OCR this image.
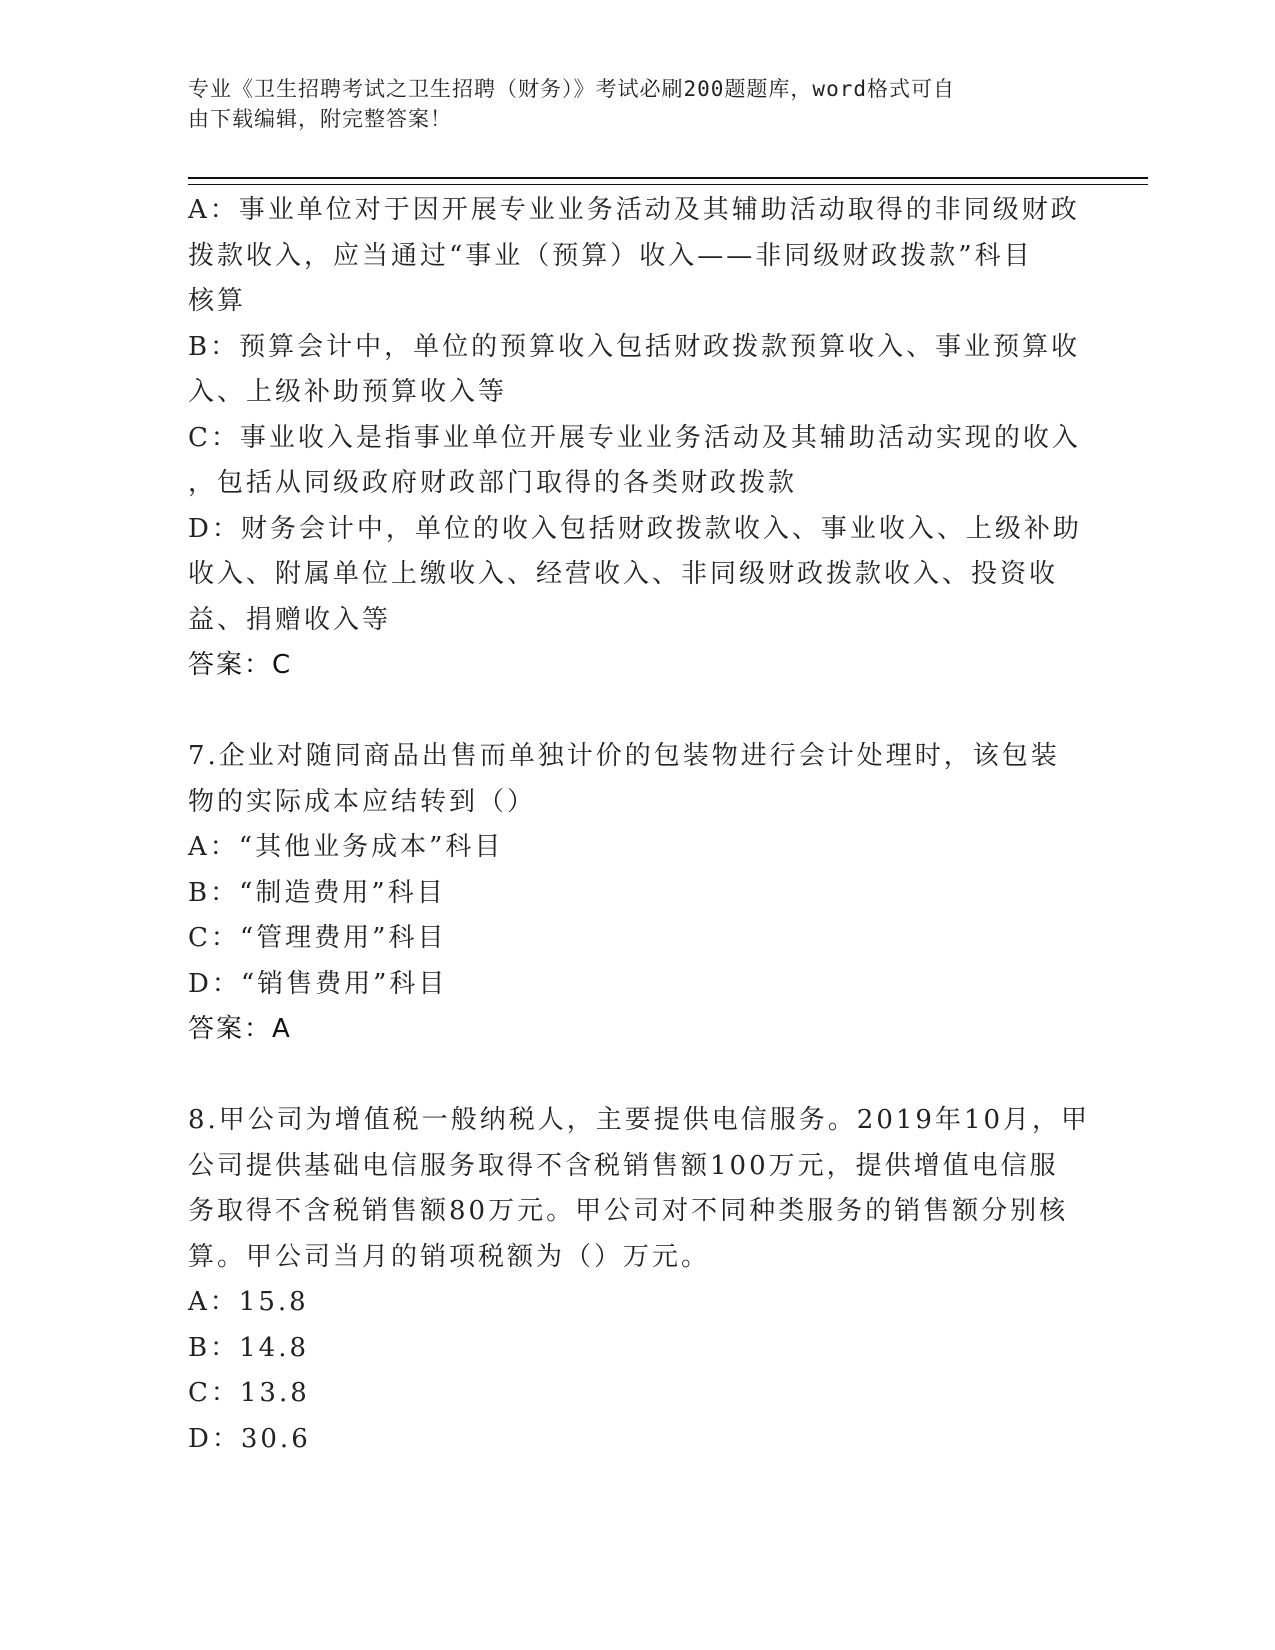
专业《卫生招聘考试之卫生招聘（财务）》考试必刷200题题库，word格式可自
由下载编辑，附完整答案！
A：事业单位对于因开展专业业务活动及其辅助活动取得的非同级财政
拨款收入，应当通过“事业（预算）收入——非同级财政拨款”科目
核算
B：预算会计中，单位的预算收入包括财政拨款预算收入、事业预算收
入、上级补助预算收入等
C：事业收入是指事业单位开展专业业务活动及其辅助活动实现的收入
，包括从同级政府财政部门取得的各类财政拨款
D：财务会计中，单位的收入包括财政拨款收入、事业收入、上级补助
收入、附属单位上缴收入、经营收入、非同级财政拨款收入、投资收
益、捐赠收入等
答案：C
7.企业对随同商品出售而单独计价的包装物进行会计处理时，该包装
物的实际成本应结转到（）
A：“其他业务成本”科目
B：“制造费用”科目
C：“管理费用”科目
D：“销售费用”科目
答案：A
8.甲公司为增值税一般纳税人，主要提供电信服务。2019年10月，甲
公司提供基础电信服务取得不含税销售额100万元，提供增值电信服
务取得不含税销售额80万元。甲公司对不同种类服务的销售额分别核
算。甲公司当月的销项税额为（）万元。
A：15.8
B：14.8
C：13.8
D：30.6
